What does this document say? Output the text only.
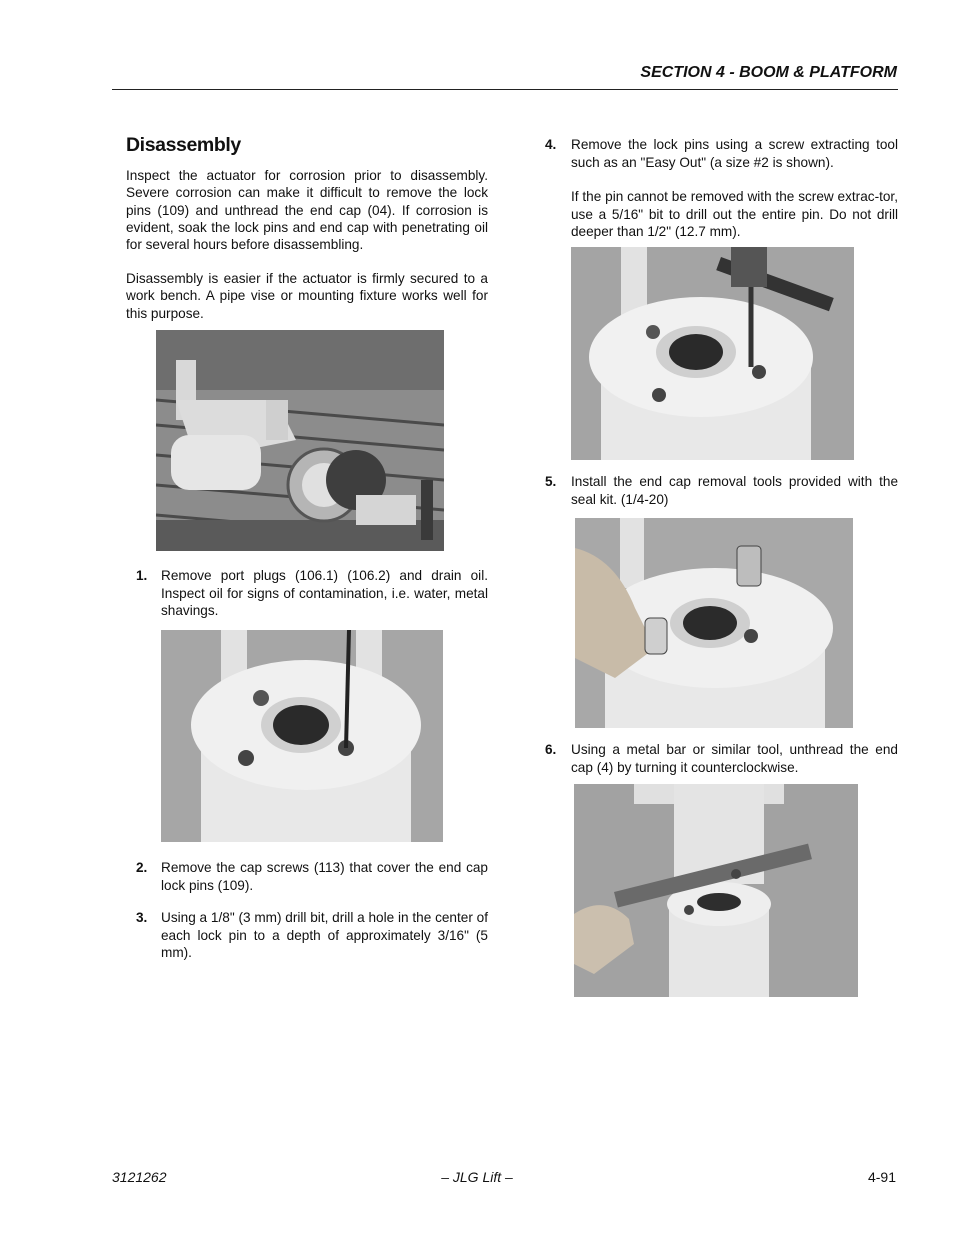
SECTION 4 - BOOM & PLATFORM
Disassembly

Inspect the actuator for corrosion prior to disassembly. Severe corrosion can make it difficult to remove the lock pins (109) and unthread the end cap (04). If corrosion is evident, soak the lock pins and end cap with penetrating oil for several hours before disassembling.

Disassembly is easier if the actuator is firmly secured to a work bench. A pipe vise or mounting fixture works well for this purpose.

1. Remove port plugs (106.1) (106.2) and drain oil. Inspect oil for signs of contamination, i.e. water, metal shavings.
2. Remove the cap screws (113) that cover the end cap lock pins (109).
3. Using a 1/8" (3 mm) drill bit, drill a hole in the center of each lock pin to a depth of approximately 3/16" (5 mm).
4. Remove the lock pins using a screw extracting tool such as an "Easy Out" (a size #2 is shown).

If the pin cannot be removed with the screw extrac-tor, use a 5/16" bit to drill out the entire pin. Do not drill deeper than 1/2" (12.7 mm).

5. Install the end cap removal tools provided with the seal kit. (1/4-20)
6. Using a metal bar or similar tool, unthread the end cap (4) by turning it counterclockwise.
3121262	– JLG Lift –	4-91
